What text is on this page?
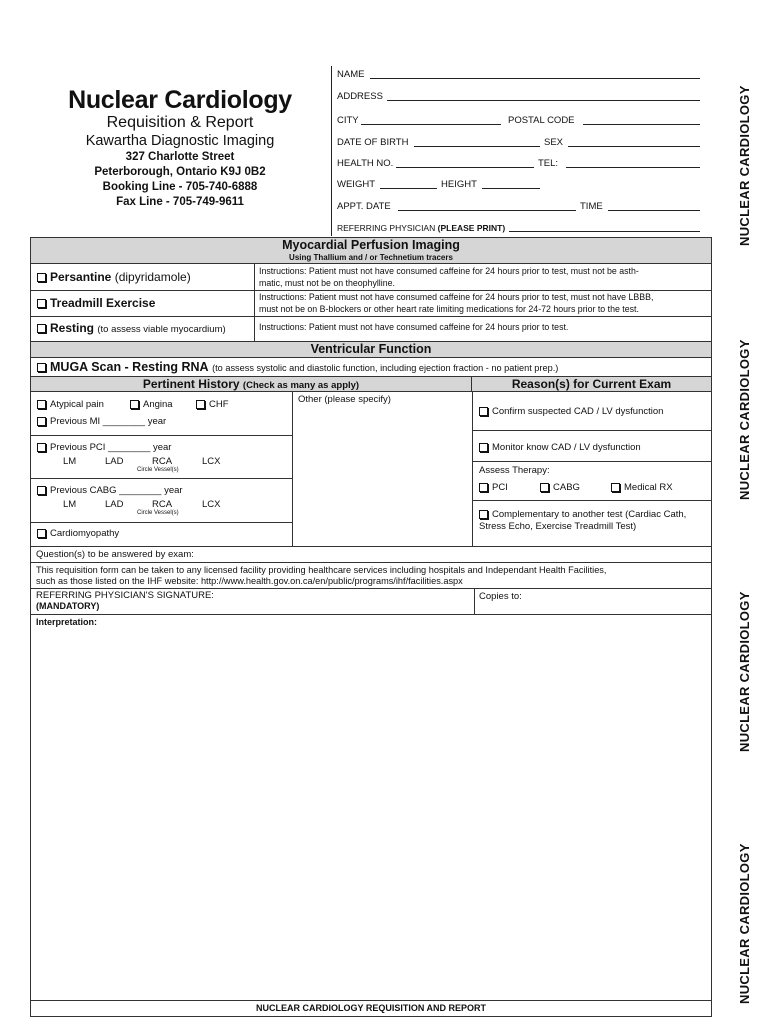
Nuclear Cardiology
Requisition & Report
Kawartha Diagnostic Imaging
327 Charlotte Street
Peterborough, Ontario K9J 0B2
Booking Line - 705-740-6888
Fax Line - 705-749-9611
NAME
ADDRESS
CITY	POSTAL CODE
DATE OF BIRTH	SEX
HEALTH NO.	TEL:
WEIGHT	HEIGHT
APPT. DATE	TIME
REFERRING PHYSICIAN (PLEASE PRINT)	NUCLEAR CARDIOLOGY
NUCLEAR CARDIOLOGY
NUCLEAR CARDIOLOGY
NUCLEAR CARDIOLOGY
Myocardial Perfusion Imaging
Using Thallium and / or Technetium tracers
Persantine (dipyridamole)	Instructions: Patient must not have consumed caffeine for 24 hours prior to test, must not be asth-
matic, must not be on theophylline.
Treadmill Exercise	Instructions: Patient must not have consumed caffeine for 24 hours prior to test, must not have LBBB,
must not be on B-blockers or other heart rate limiting medications for 24-72 hours prior to the test.
Resting (to assess viable myocardium)	Instructions: Patient must not have consumed caffeine for 24 hours prior to test.
Ventricular Function
MUGA Scan - Resting RNA (to assess systolic and diastolic function, including ejection fraction - no patient prep.)
Pertinent History (Check as many as apply)	Reason(s) for Current Exam
Atypical pain	Angina	CHF
Previous MI ________ year
Previous PCI ________ year
LM	LAD	RCA	LCX
Circle Vessel(s)
Previous CABG ________ year
LM	LAD	RCA	LCX
Circle Vessel(s)
Cardiomyopathy
Other (please specify)
Confirm suspected CAD / LV dysfunction
Monitor know CAD / LV dysfunction
Assess Therapy:
PCI	CABG	Medical RX
Complementary to another test (Cardiac Cath,
Stress Echo, Exercise Treadmill Test)
Question(s) to be answered by exam:
This requisition form can be taken to any licensed facility providing healthcare services including hospitals and Independant Health Facilities,
such as those listed on the IHF website: http://www.health.gov.on.ca/en/public/programs/ihf/facilities.aspx
REFERRING PHYSICIAN'S SIGNATURE:
(MANDATORY)
Copies to:
Interpretation:
NUCLEAR CARDIOLOGY REQUISITION AND REPORT
